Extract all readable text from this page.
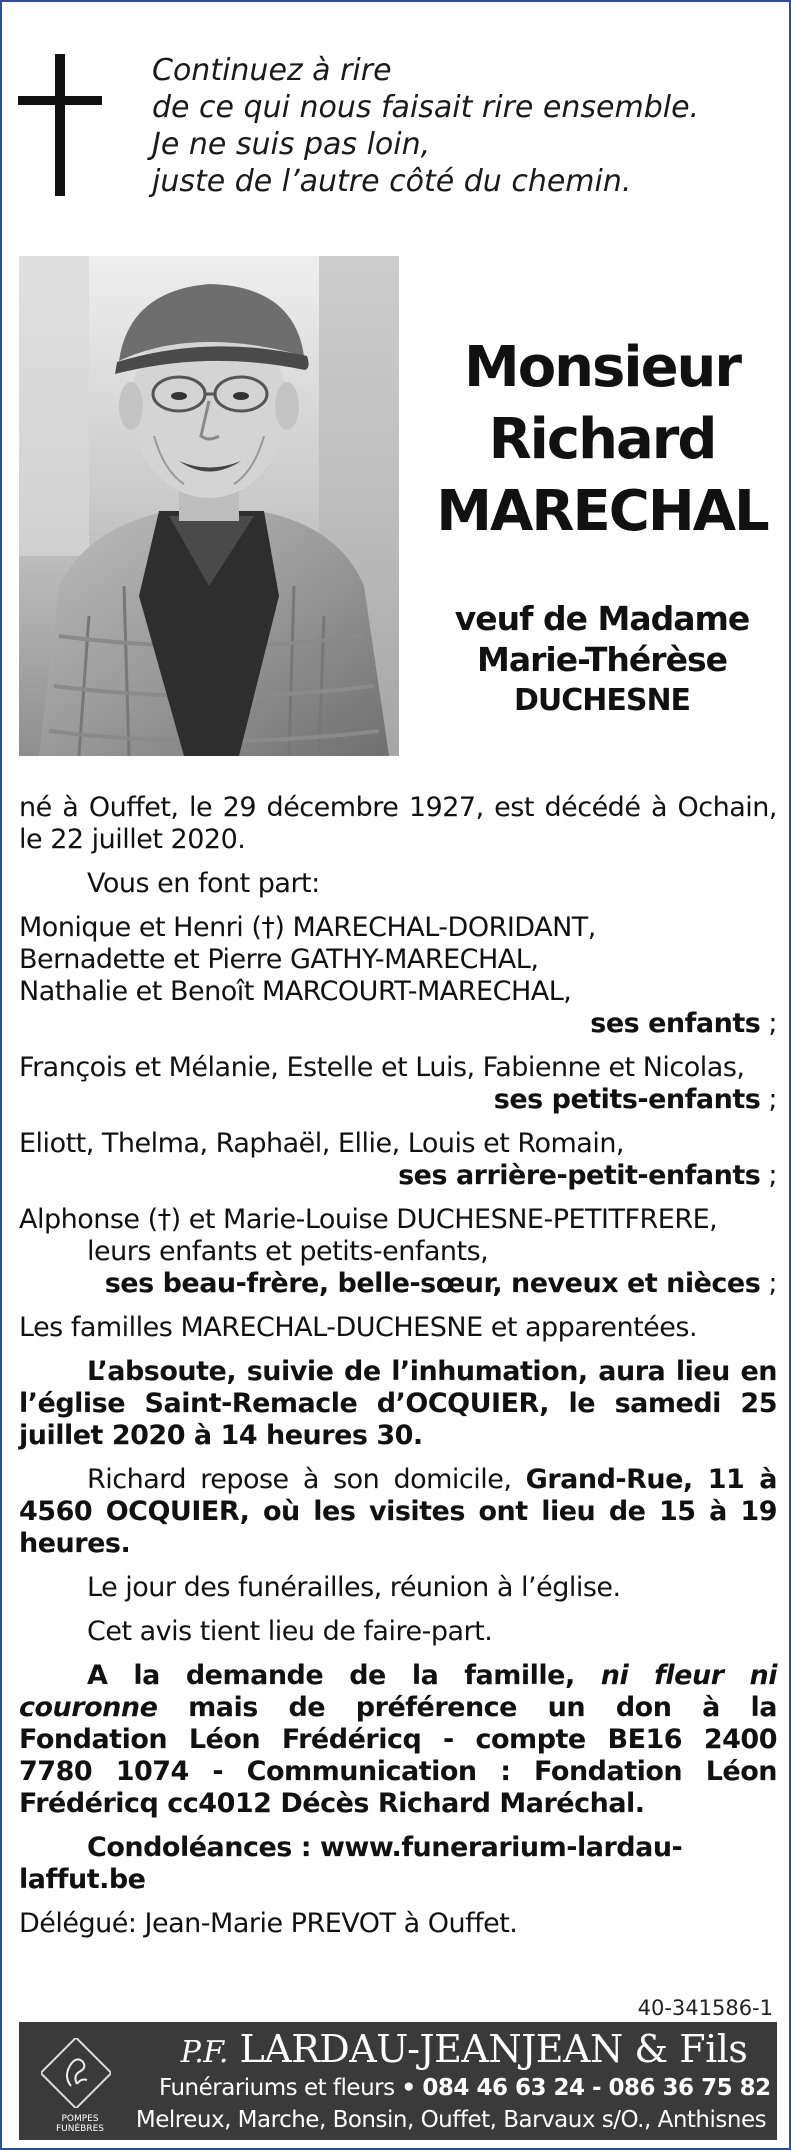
Continuez à rire
de ce qui nous faisait rire ensemble.
Je ne suis pas loin,
juste de l’autre côté du chemin.
Monsieur
Richard
MARECHAL
veuf de Madame
Marie-Thérèse
DUCHESNE

né à Ouffet, le 29 décembre 1927, est décédé à Ochain, le 22 juillet 2020.

Vous en font part:

Monique et Henri (†) MARECHAL-DORIDANT,

Bernadette et Pierre GATHY-MARECHAL,

Nathalie et Benoît MARCOURT-MARECHAL,

ses enfants ;

François et Mélanie, Estelle et Luis, Fabienne et Nicolas,

ses petits-enfants ;

Eliott, Thelma, Raphaël, Ellie, Louis et Romain,

ses arrière-petit-enfants ;

Alphonse (†) et Marie-Louise DUCHESNE-PETITFRERE,

leurs enfants et petits-enfants,

ses beau-frère, belle-sœur, neveux et nièces ;

Les familles MARECHAL-DUCHESNE et apparentées.

L’absoute, suivie de l’inhumation, aura lieu en l’église Saint-Remacle d’OCQUIER, le samedi 25 juillet 2020 à 14 heures 30.

Richard repose à son domicile, Grand-Rue, 11 à 4560 OCQUIER, où les visites ont lieu de 15 à 19 heures.

Le jour des funérailles, réunion à l’église.

Cet avis tient lieu de faire-part.

A la demande de la famille, ni fleur ni couronne mais de préférence un don à la Fondation Léon Frédéricq - compte BE16 2400 7780 1074 - Communication : Fondation Léon Frédéricq cc4012 Décès Richard Maréchal.

Condoléances : www.funerarium-lardau-laffut.be

Délégué: Jean-Marie PREVOT à Ouffet.

40-341586-1
POMPES FUNÈBRES
P.F. LARDAU-JEANJEAN & Fils
Funérariums et fleurs • 084 46 63 24 - 086 36 75 82
Melreux, Marche, Bonsin, Ouffet, Barvaux s/O., Anthisnes
